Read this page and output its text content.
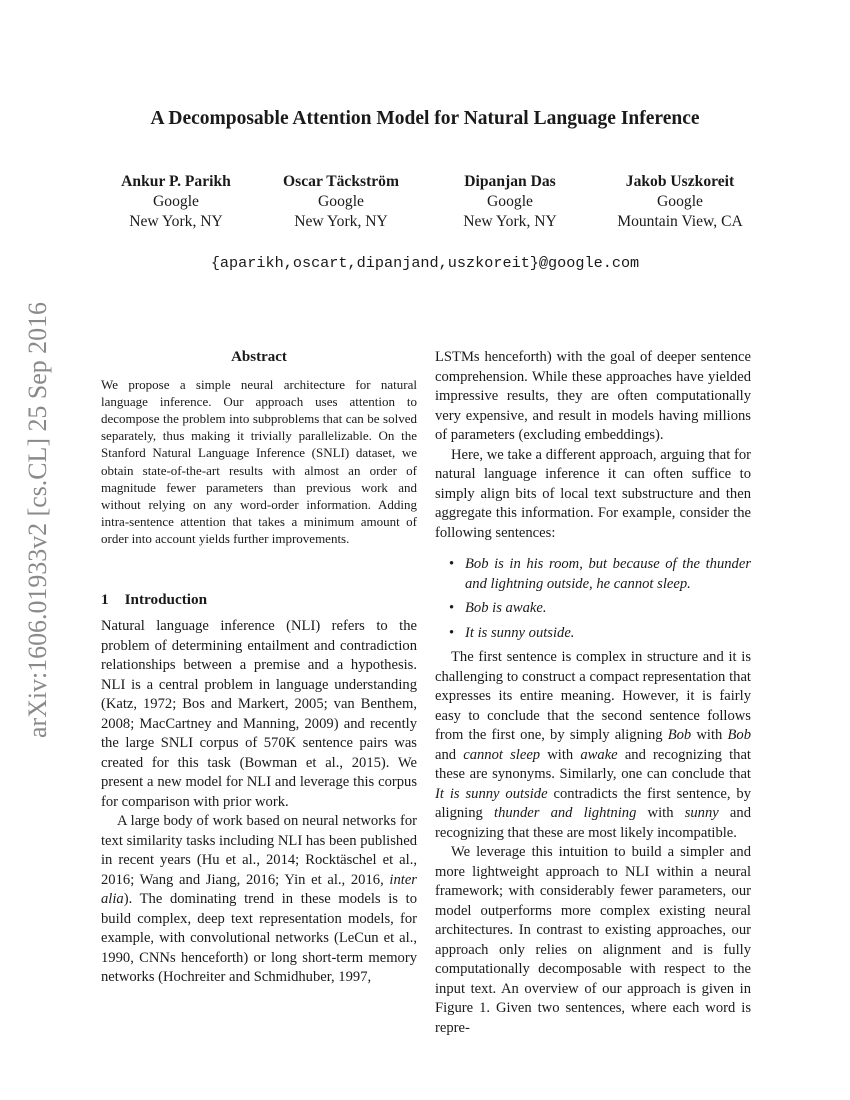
arXiv:1606.01933v2 [cs.CL] 25 Sep 2016
A Decomposable Attention Model for Natural Language Inference
Ankur P. Parikh
Google
New York, NY
Oscar Täckström
Google
New York, NY
Dipanjan Das
Google
New York, NY
Jakob Uszkoreit
Google
Mountain View, CA
{aparikh,oscart,dipanjand,uszkoreit}@google.com
Abstract

We propose a simple neural architecture for natural language inference. Our approach uses attention to decompose the problem into subproblems that can be solved separately, thus making it trivially parallelizable. On the Stanford Natural Language Inference (SNLI) dataset, we obtain state-of-the-art results with almost an order of magnitude fewer parameters than previous work and without relying on any word-order information. Adding intra-sentence attention that takes a minimum amount of order into account yields further improvements.

1 Introduction

Natural language inference (NLI) refers to the problem of determining entailment and contradiction relationships between a premise and a hypothesis. NLI is a central problem in language understanding (Katz, 1972; Bos and Markert, 2005; van Benthem, 2008; MacCartney and Manning, 2009) and recently the large SNLI corpus of 570K sentence pairs was created for this task (Bowman et al., 2015). We present a new model for NLI and leverage this corpus for comparison with prior work.

A large body of work based on neural networks for text similarity tasks including NLI has been published in recent years (Hu et al., 2014; Rocktäschel et al., 2016; Wang and Jiang, 2016; Yin et al., 2016, inter alia). The dominating trend in these models is to build complex, deep text representation models, for example, with convolutional networks (LeCun et al., 1990, CNNs henceforth) or long short-term memory networks (Hochreiter and Schmidhuber, 1997,

LSTMs henceforth) with the goal of deeper sentence comprehension. While these approaches have yielded impressive results, they are often computationally very expensive, and result in models having millions of parameters (excluding embeddings).

Here, we take a different approach, arguing that for natural language inference it can often suffice to simply align bits of local text substructure and then aggregate this information. For example, consider the following sentences:

• Bob is in his room, but because of the thunder and lightning outside, he cannot sleep.
• Bob is awake.
• It is sunny outside.

The first sentence is complex in structure and it is challenging to construct a compact representation that expresses its entire meaning. However, it is fairly easy to conclude that the second sentence follows from the first one, by simply aligning Bob with Bob and cannot sleep with awake and recognizing that these are synonyms. Similarly, one can conclude that It is sunny outside contradicts the first sentence, by aligning thunder and lightning with sunny and recognizing that these are most likely incompatible.

We leverage this intuition to build a simpler and more lightweight approach to NLI within a neural framework; with considerably fewer parameters, our model outperforms more complex existing neural architectures. In contrast to existing approaches, our approach only relies on alignment and is fully computationally decomposable with respect to the input text. An overview of our approach is given in Figure 1. Given two sentences, where each word is repre-
